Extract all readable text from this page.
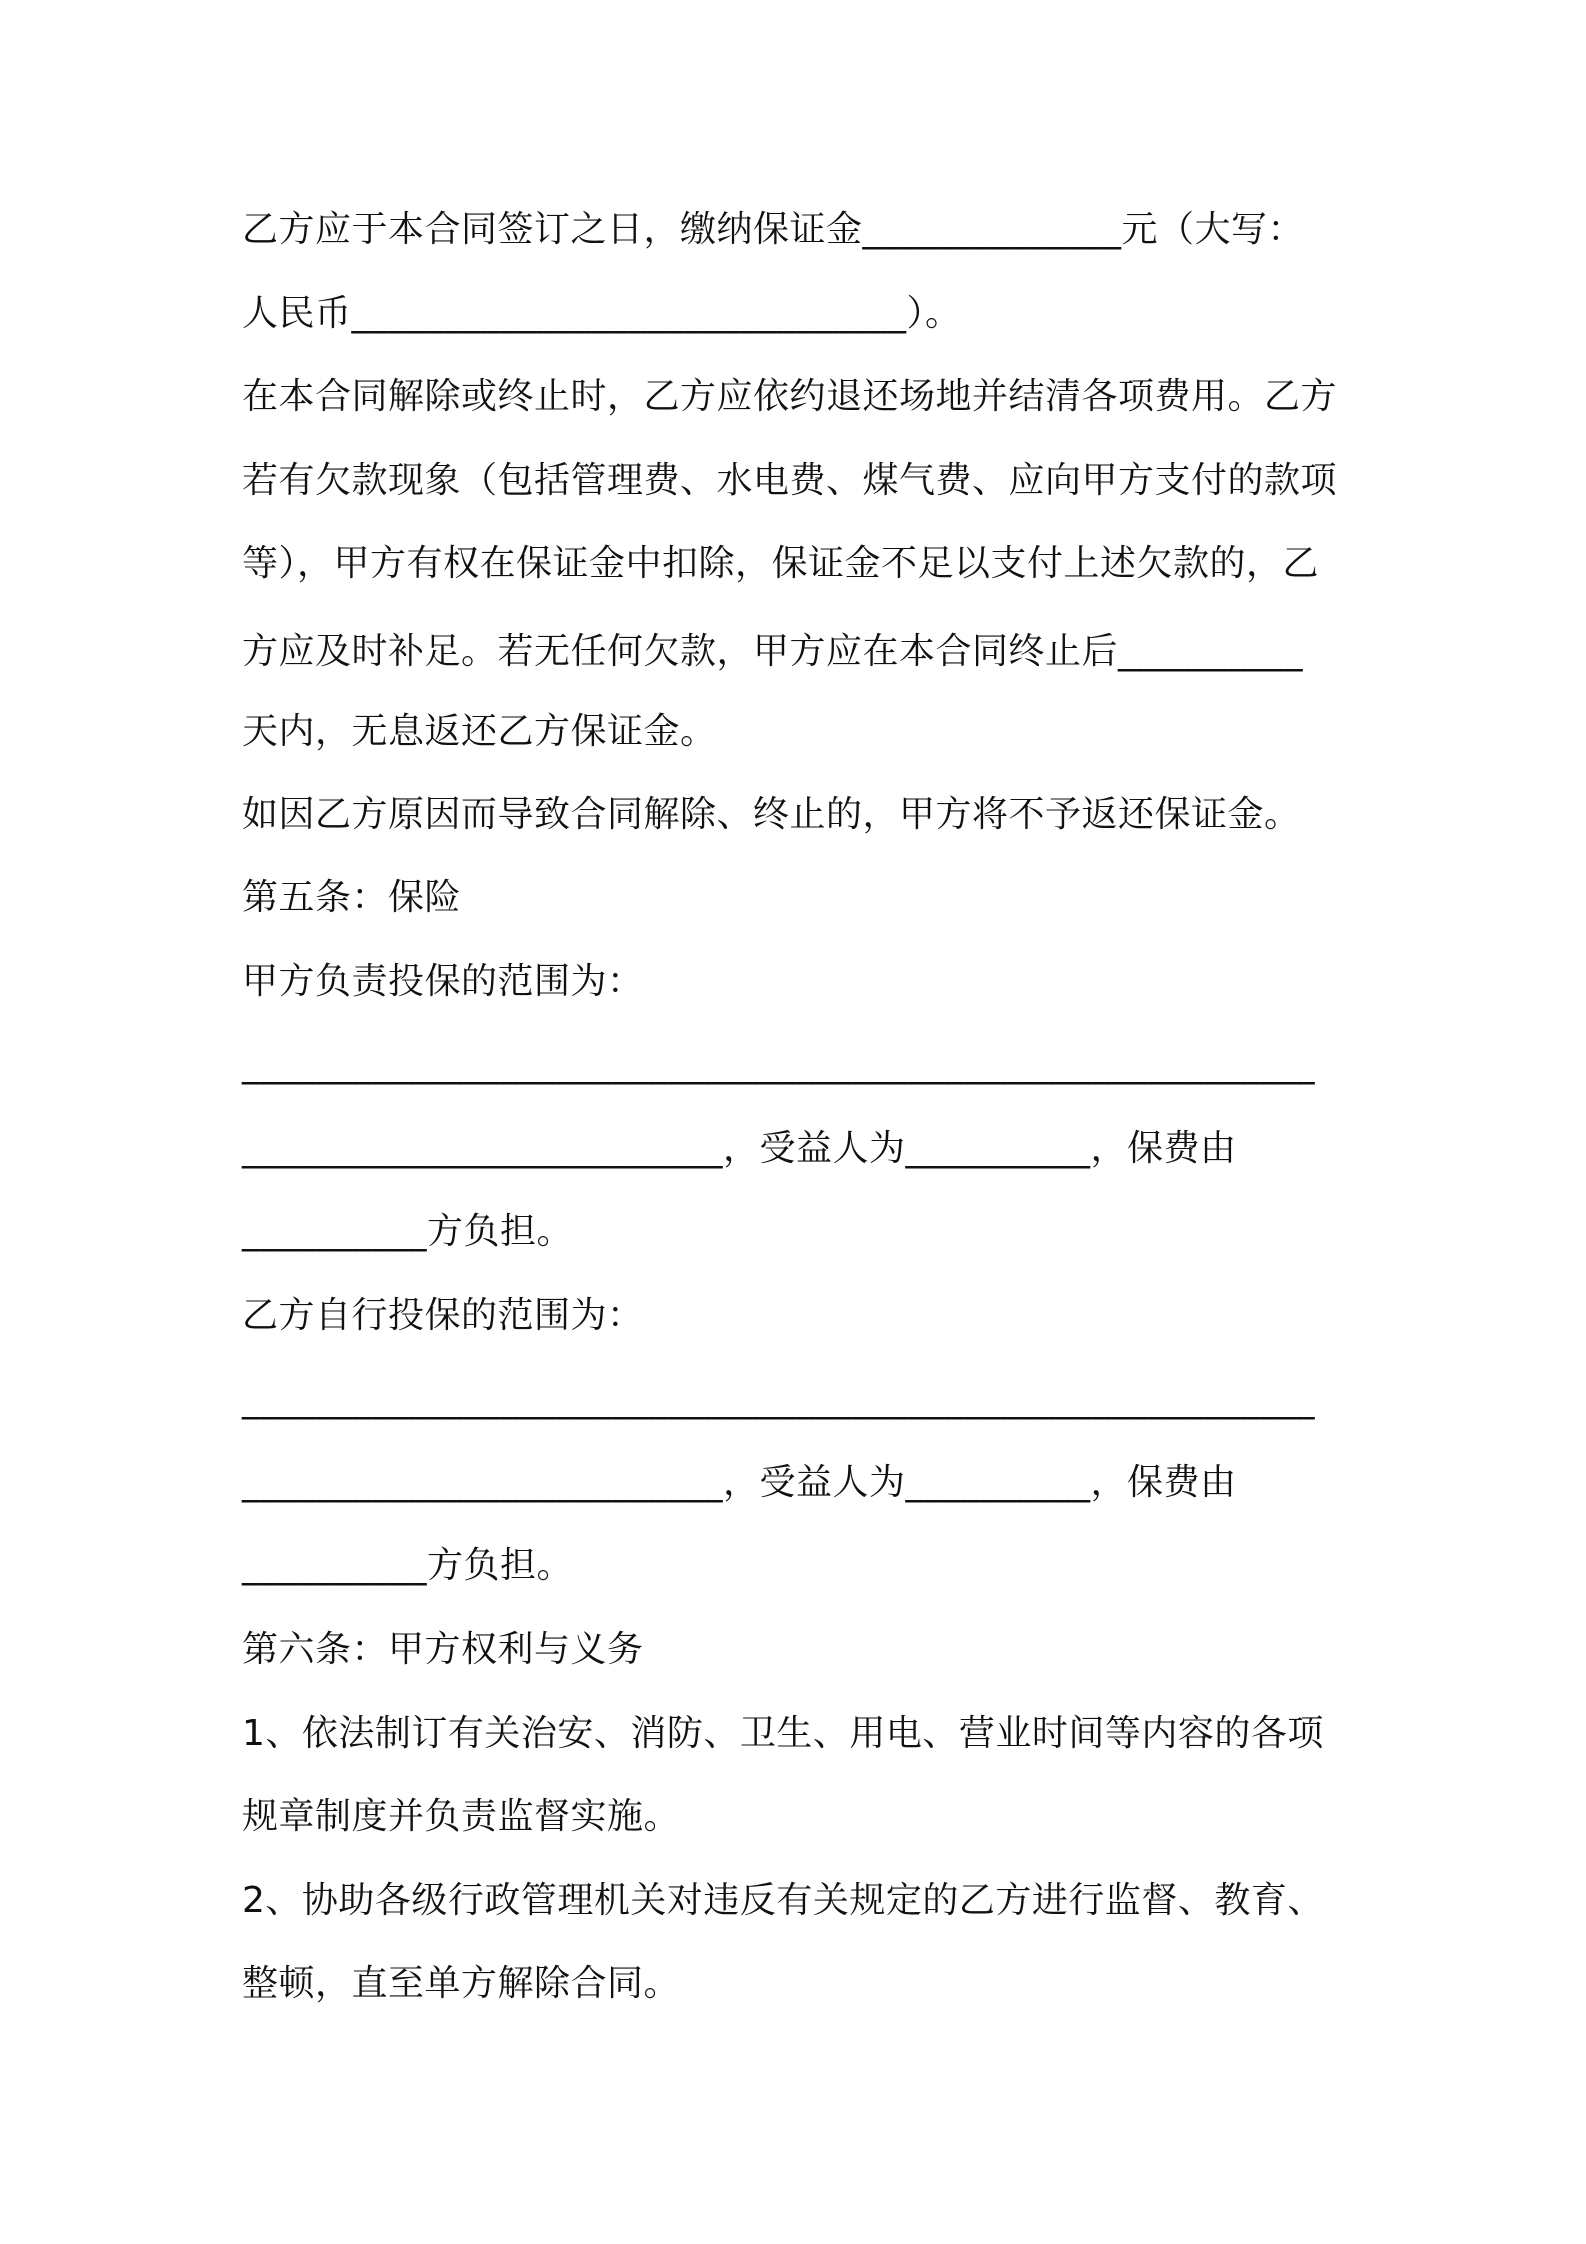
乙方应于本合同签订之日，缴纳保证金______________元（大写：
人民币______________________________）。
在本合同解除或终止时，乙方应依约退还场地并结清各项费用。乙方
若有欠款现象（包括管理费、水电费、煤气费、应向甲方支付的款项
等），甲方有权在保证金中扣除，保证金不足以支付上述欠款的，乙
方应及时补足。若无任何欠款，甲方应在本合同终止后__________
天内，无息返还乙方保证金。
如因乙方原因而导致合同解除、终止的，甲方将不予返还保证金。
第五条：保险
甲方负责投保的范围为：
__________________________________________________________
__________________________，受益人为__________，保费由
__________方负担。
乙方自行投保的范围为：
__________________________________________________________
__________________________，受益人为__________，保费由
__________方负担。
第六条：甲方权利与义务
1、依法制订有关治安、消防、卫生、用电、营业时间等内容的各项
规章制度并负责监督实施。
2、协助各级行政管理机关对违反有关规定的乙方进行监督、教育、
整顿，直至单方解除合同。
